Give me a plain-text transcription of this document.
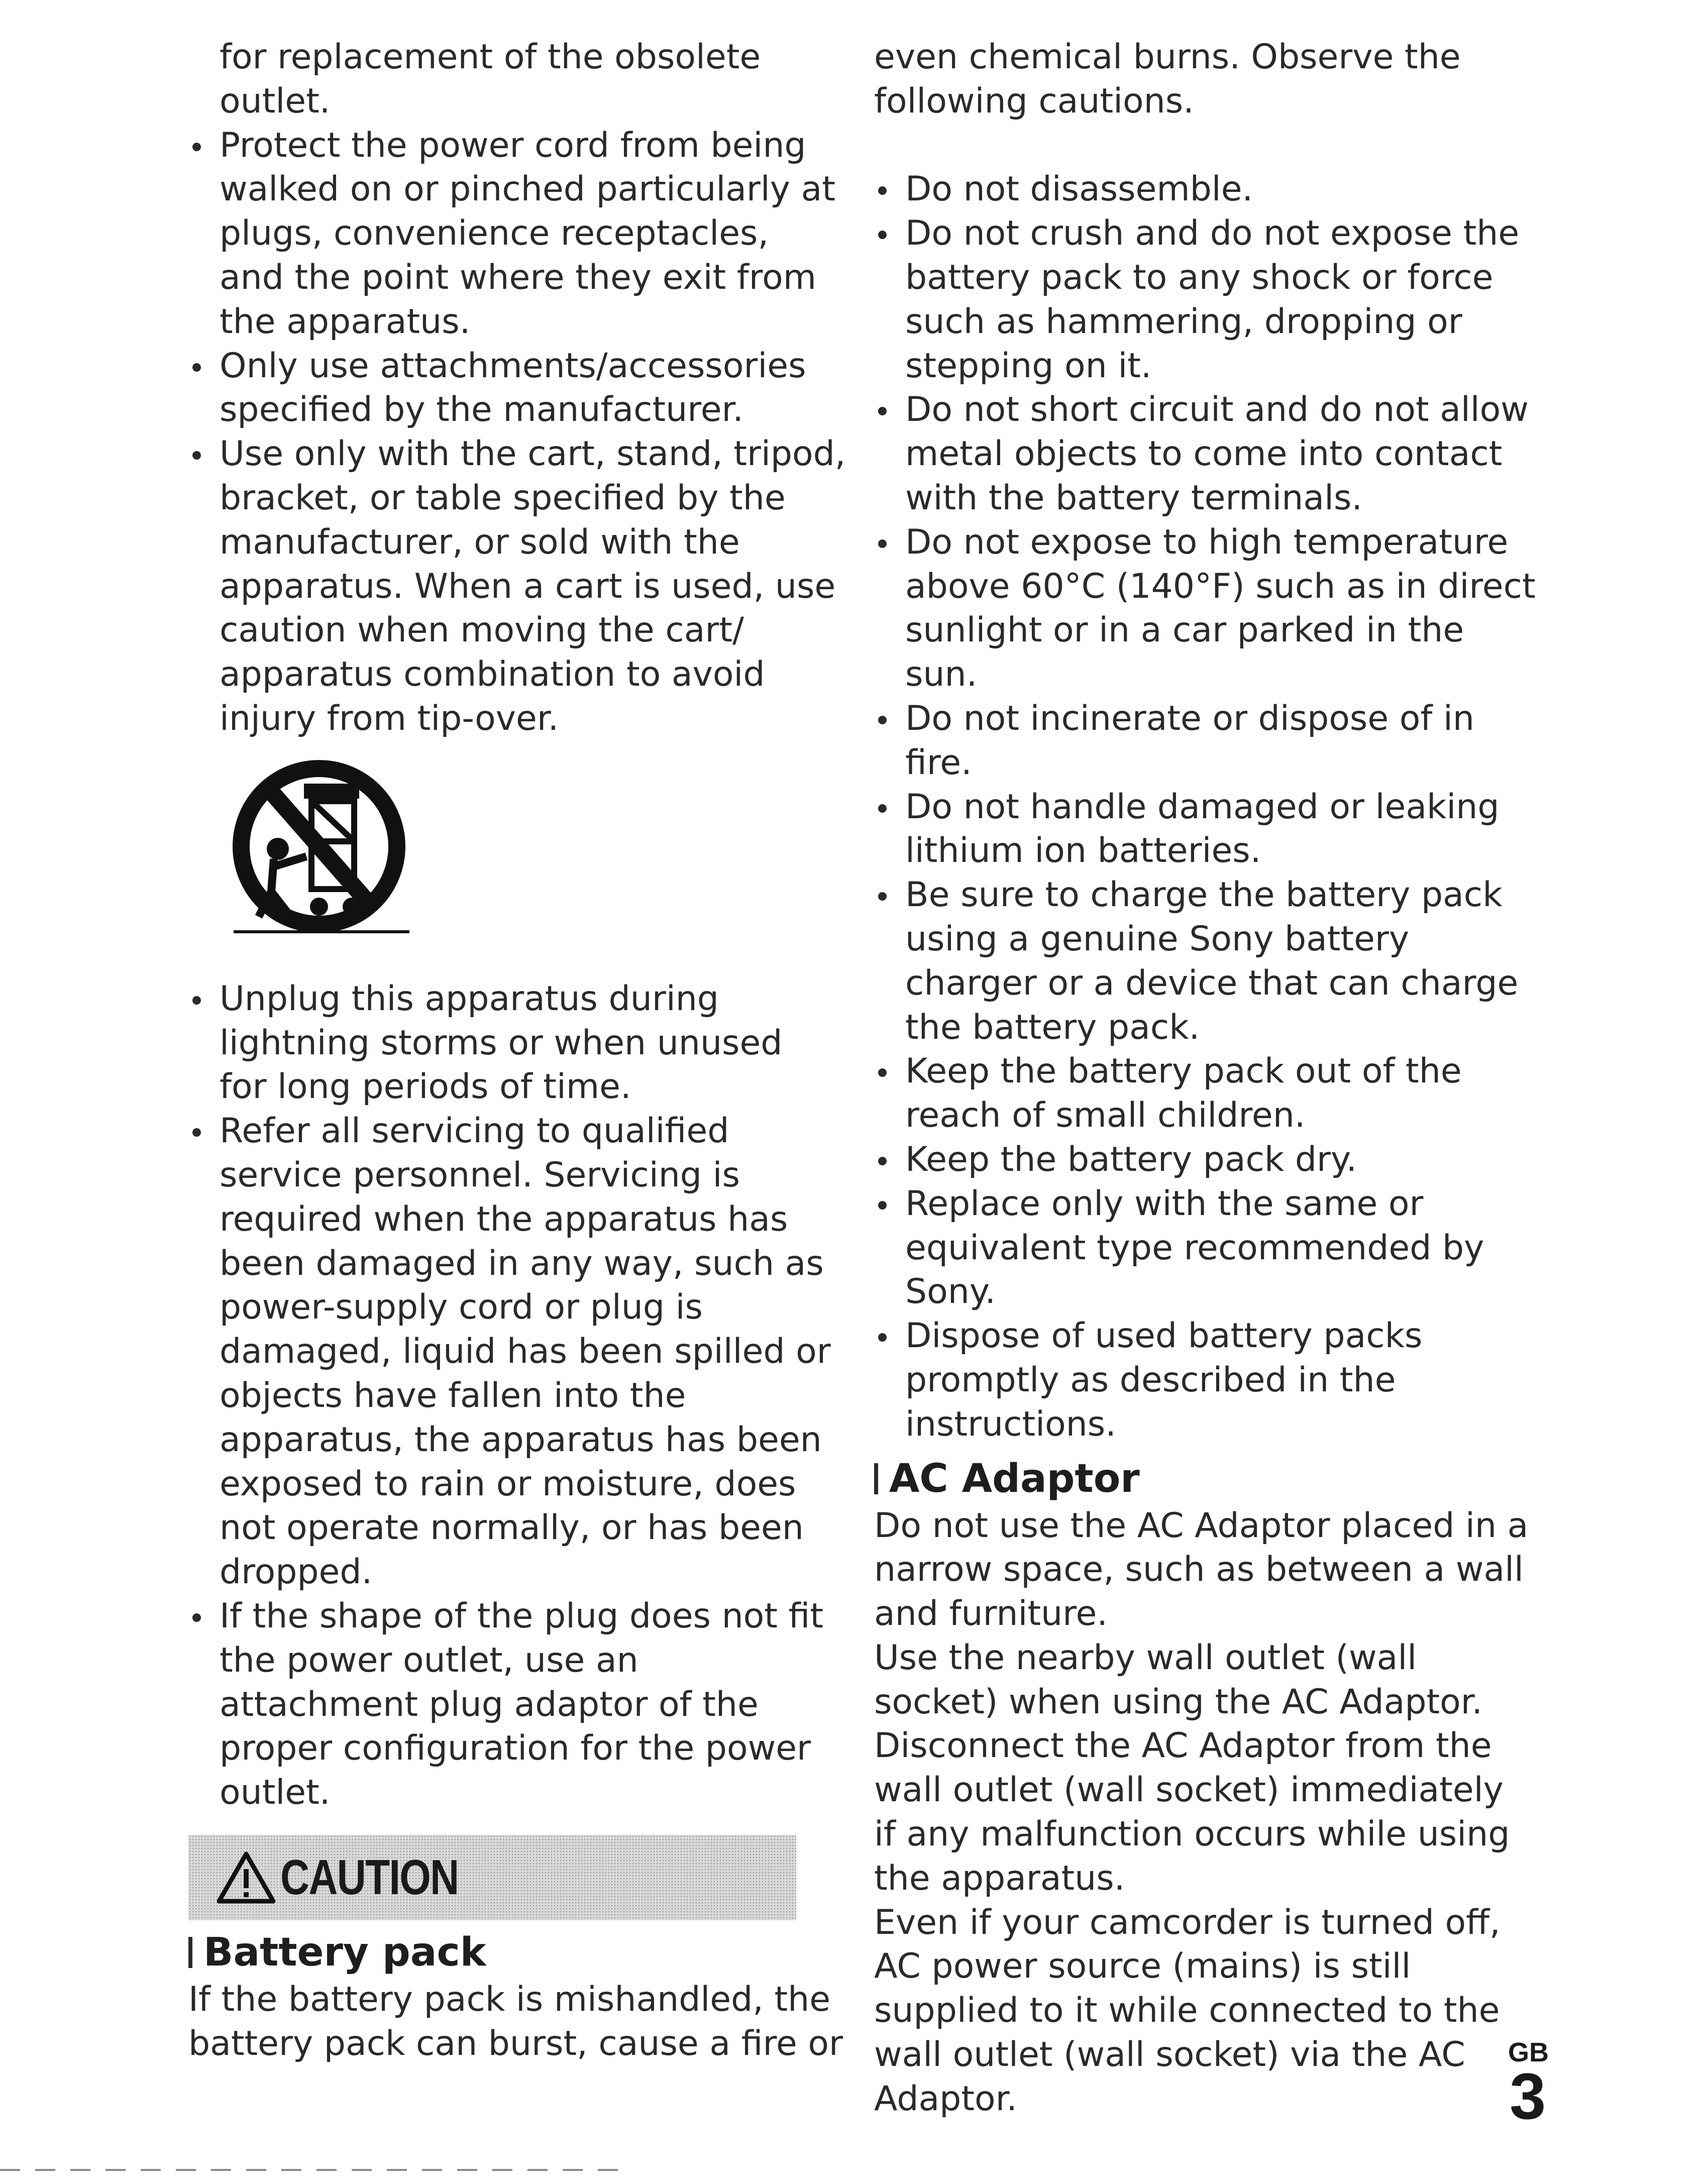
for replacement of the obsolete

outlet.

Protect the power cord from being

walked on or pinched particularly at

plugs, convenience receptacles,

and the point where they exit from

the apparatus.

Only use attachments/accessories

specified by the manufacturer.

Use only with the cart, stand, tripod,

bracket, or table specified by the

manufacturer, or sold with the

apparatus. When a cart is used, use

caution when moving the cart/

apparatus combination to avoid

injury from tip-over.

Unplug this apparatus during

lightning storms or when unused

for long periods of time.

Refer all servicing to qualified

service personnel. Servicing is

required when the apparatus has

been damaged in any way, such as

power-supply cord or plug is

damaged, liquid has been spilled or

objects have fallen into the

apparatus, the apparatus has been

exposed to rain or moisture, does

not operate normally, or has been

dropped.

If the shape of the plug does not fit

the power outlet, use an

attachment plug adaptor of the

proper configuration for the power

outlet.

CAUTION
Battery pack

If the battery pack is mishandled, the

battery pack can burst, cause a fire or

even chemical burns. Observe the

following cautions.

Do not disassemble.

Do not crush and do not expose the

battery pack to any shock or force

such as hammering, dropping or

stepping on it.

Do not short circuit and do not allow

metal objects to come into contact

with the battery terminals.

Do not expose to high temperature

above 60°C (140°F) such as in direct

sunlight or in a car parked in the

sun.

Do not incinerate or dispose of in

fire.

Do not handle damaged or leaking

lithium ion batteries.

Be sure to charge the battery pack

using a genuine Sony battery

charger or a device that can charge

the battery pack.

Keep the battery pack out of the

reach of small children.

Keep the battery pack dry.

Replace only with the same or

equivalent type recommended by

Sony.

Dispose of used battery packs

promptly as described in the

instructions.

AC Adaptor

Do not use the AC Adaptor placed in a

narrow space, such as between a wall

and furniture.

Use the nearby wall outlet (wall

socket) when using the AC Adaptor.

Disconnect the AC Adaptor from the

wall outlet (wall socket) immediately

if any malfunction occurs while using

the apparatus.

Even if your camcorder is turned off,

AC power source (mains) is still

supplied to it while connected to the

wall outlet (wall socket) via the AC

Adaptor.

GB
3
